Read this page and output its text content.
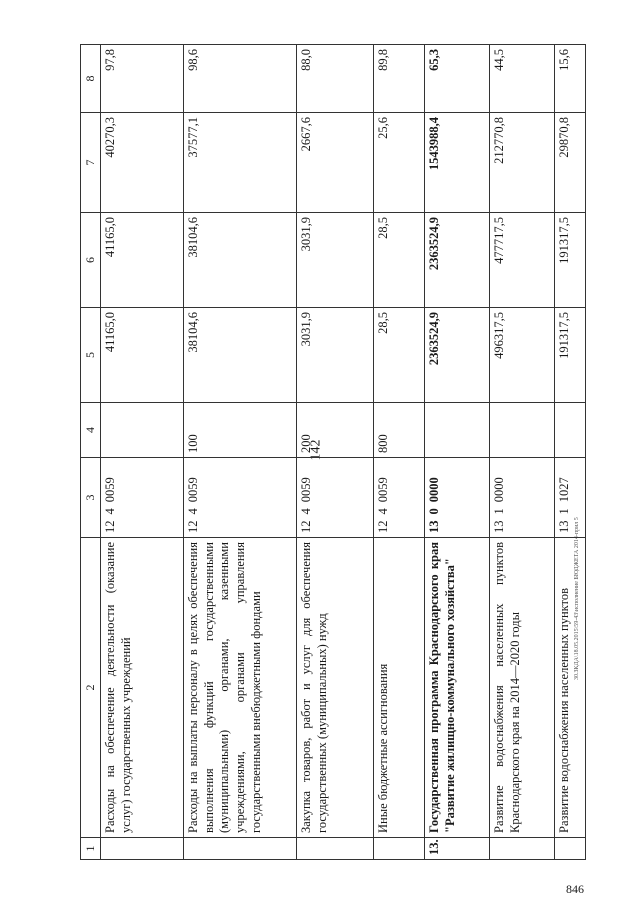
142
846
30.ЗКДА\18.05.2015\59-43\исполнение БЮДЖЕТА 2014-прил 5
1	2	3	4	5	6	7	8
	Расходы на обеспечение деятельности (оказание услуг) государственных учреждений	1240059		41165,0	41165,0	40270,3	97,8
	Расходы на выплаты персоналу в целях обеспечения выполнения функций государственными (муниципальными) органами, казенными учреждениями, органами управления государственными внебюджетными фондами	1240059	100	38104,6	38104,6	37577,1	98,6
	Закупка товаров, работ и услуг для обеспечения государственных (муниципальных) нужд	1240059	200	3031,9	3031,9	2667,6	88,0
	Иные бюджетные ассигнования	1240059	800	28,5	28,5	25,6	89,8
13.	Государственная программа Краснодарского края "Развитие жилищно-коммунального хозяйства"	1300000		2363524,9	2363524,9	1543988,4	65,3
	Развитие водоснабжения населенных пунктов Краснодарского края на 2014—2020 годы	1310000		496317,5	477717,5	212770,8	44,5
	Развитие водоснабжения населенных пунктов	1311027		191317,5	191317,5	29870,8	15,6
